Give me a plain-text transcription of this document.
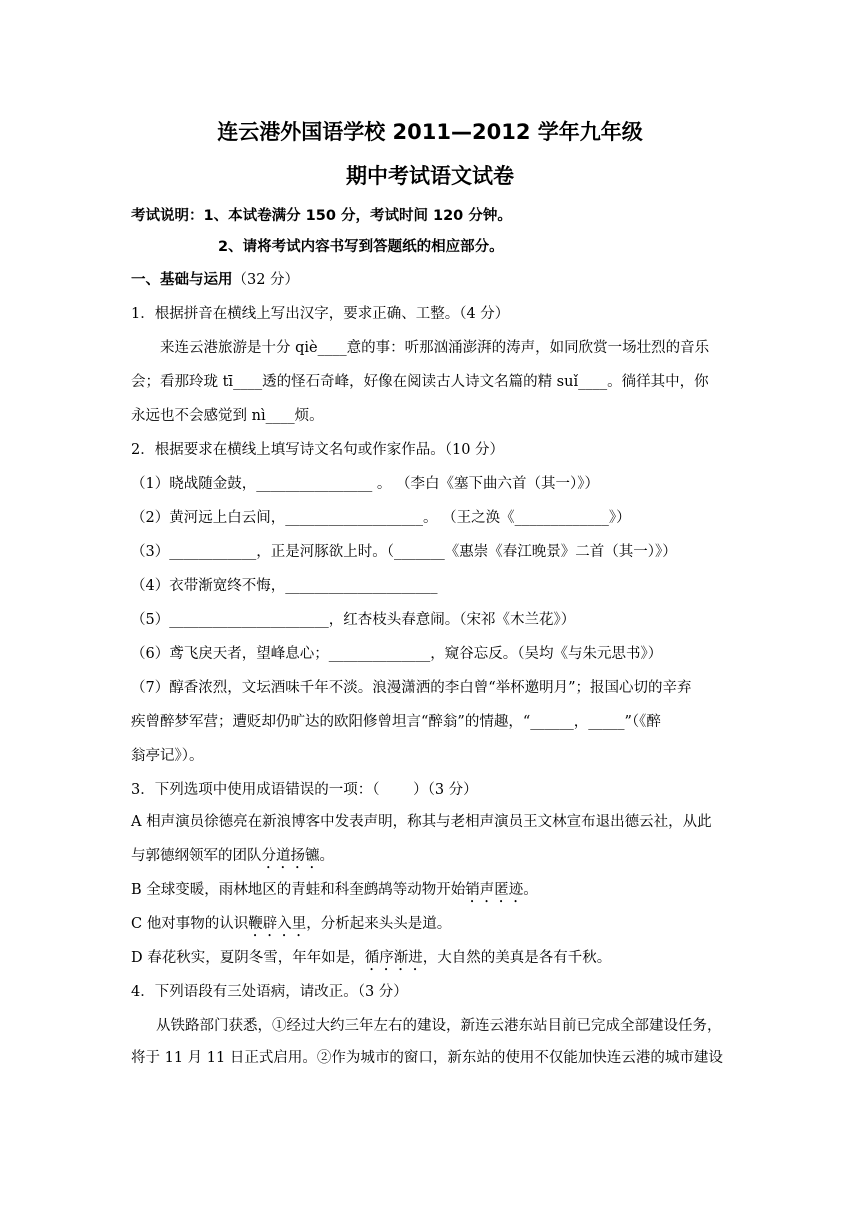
连云港外国语学校 2011—2012 学年九年级
期中考试语文试卷
考试说明：1、本试卷满分 150 分，考试时间 120 分钟。
2、请将考试内容书写到答题纸的相应部分。
一、基础与运用（32 分）
1．根据拼音在横线上写出汉字，要求正确、工整。（4 分）
来连云港旅游是十分 qiè____意的事：听那汹涌澎湃的涛声，如同欣赏一场壮烈的音乐
会；看那玲珑 tī____透的怪石奇峰，好像在阅读古人诗文名篇的精 suǐ____。徜徉其中，你
永远也不会感觉到 nì____烦。
2．根据要求在横线上填写诗文名句或作家作品。（10 分）
（1）晓战随金鼓，________________ 。 （李白《塞下曲六首（其一）》）
（2）黄河远上白云间，___________________。 （王之涣《_____________》）
（3）____________，正是河豚欲上时。（_______《惠崇《春江晚景》二首（其一）》）
（4）衣带渐宽终不悔，_____________________
（5）______________________，红杏枝头春意闹。（宋祁《木兰花》）
（6）鸢飞戾天者，望峰息心；______________，窥谷忘反。（吴均《与朱元思书》）
（7）醇香浓烈，文坛酒味千年不淡。浪漫潇洒的李白曾“举杯邀明月”；报国心切的辛弃
疾曾醉梦军营；遭贬却仍旷达的欧阳修曾坦言“醉翁”的情趣，“______，_____”（《醉
翁亭记》）。
3．下列选项中使用成语错误的一项：（　　 ）（3 分）
A 相声演员徐德亮在新浪博客中发表声明，称其与老相声演员王文林宣布退出德云社，从此
与郭德纲领军的团队分道扬镳。
B 全球变暖，雨林地区的青蛙和科奎鹧鸪等动物开始销声匿迹。
C 他对事物的认识鞭辟入里，分析起来头头是道。
D 春花秋实，夏阴冬雪，年年如是，循序渐进，大自然的美真是各有千秋。
4．下列语段有三处语病，请改正。（3 分）
从铁路部门获悉，①经过大约三年左右的建设，新连云港东站目前已完成全部建设任务，
将于 11 月 11 日正式启用。②作为城市的窗口，新东站的使用不仅能加快连云港的城市建设
